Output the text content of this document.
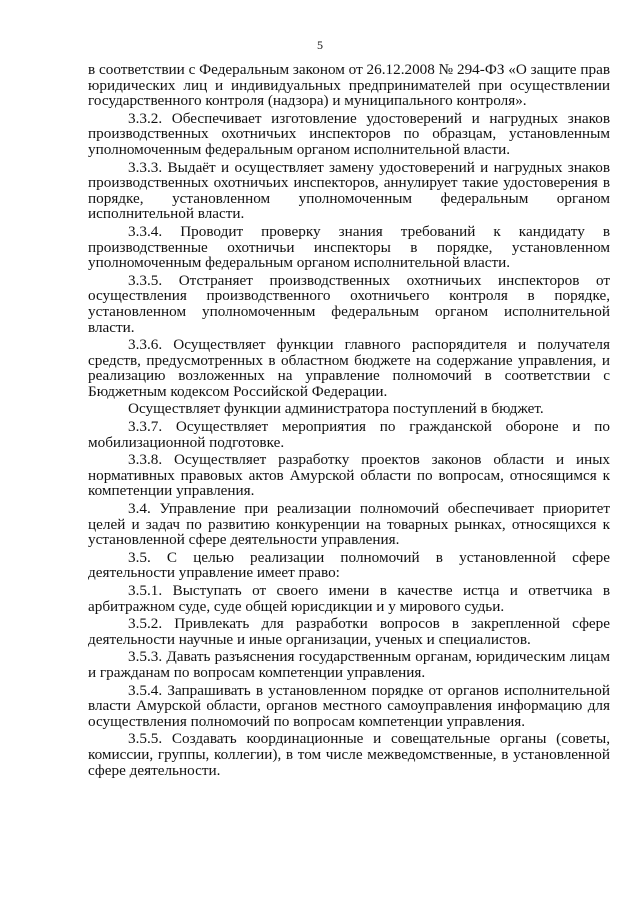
5

в соответствии с Федеральным законом от 26.12.2008 № 294-ФЗ «О защите прав юридических лиц и индивидуальных предпринимателей при осуществлении государственного контроля (надзора) и муниципального контроля».

3.3.2. Обеспечивает изготовление удостоверений и нагрудных знаков производственных охотничьих инспекторов по образцам, установленным уполномоченным федеральным органом исполнительной власти.

3.3.3. Выдаёт и осуществляет замену удостоверений и нагрудных знаков производственных охотничьих инспекторов, аннулирует такие удостоверения в порядке, установленном уполномоченным федеральным органом исполнительной власти.

3.3.4. Проводит проверку знания требований к кандидату в производственные охотничьи инспекторы в порядке, установленном уполномоченным федеральным органом исполнительной власти.

3.3.5. Отстраняет производственных охотничьих инспекторов от осуществления производственного охотничьего контроля в порядке, установленном уполномоченным федеральным органом исполнительной власти.

3.3.6. Осуществляет функции главного распорядителя и получателя средств, предусмотренных в областном бюджете на содержание управления, и реализацию возложенных на управление полномочий в соответствии с Бюджетным кодексом Российской Федерации.

Осуществляет функции администратора поступлений в бюджет.

3.3.7. Осуществляет мероприятия по гражданской обороне и по мобилизационной подготовке.

3.3.8. Осуществляет разработку проектов законов области и иных нормативных правовых актов Амурской области по вопросам, относящимся к компетенции управления.

3.4. Управление при реализации полномочий обеспечивает приоритет целей и задач по развитию конкуренции на товарных рынках, относящихся к установленной сфере деятельности управления.

3.5. С целью реализации полномочий в установленной сфере деятельности управление имеет право:

3.5.1. Выступать от своего имени в качестве истца и ответчика в арбитражном суде, суде общей юрисдикции и у мирового судьи.

3.5.2. Привлекать для разработки вопросов в закрепленной сфере деятельности научные и иные организации, ученых и специалистов.

3.5.3. Давать разъяснения государственным органам, юридическим лицам и гражданам по вопросам компетенции управления.

3.5.4. Запрашивать в установленном порядке от органов исполнительной власти Амурской области, органов местного самоуправления информацию для осуществления полномочий по вопросам компетенции управления.

3.5.5. Создавать координационные и совещательные органы (советы, комиссии, группы, коллегии), в том числе межведомственные, в установленной сфере деятельности.
